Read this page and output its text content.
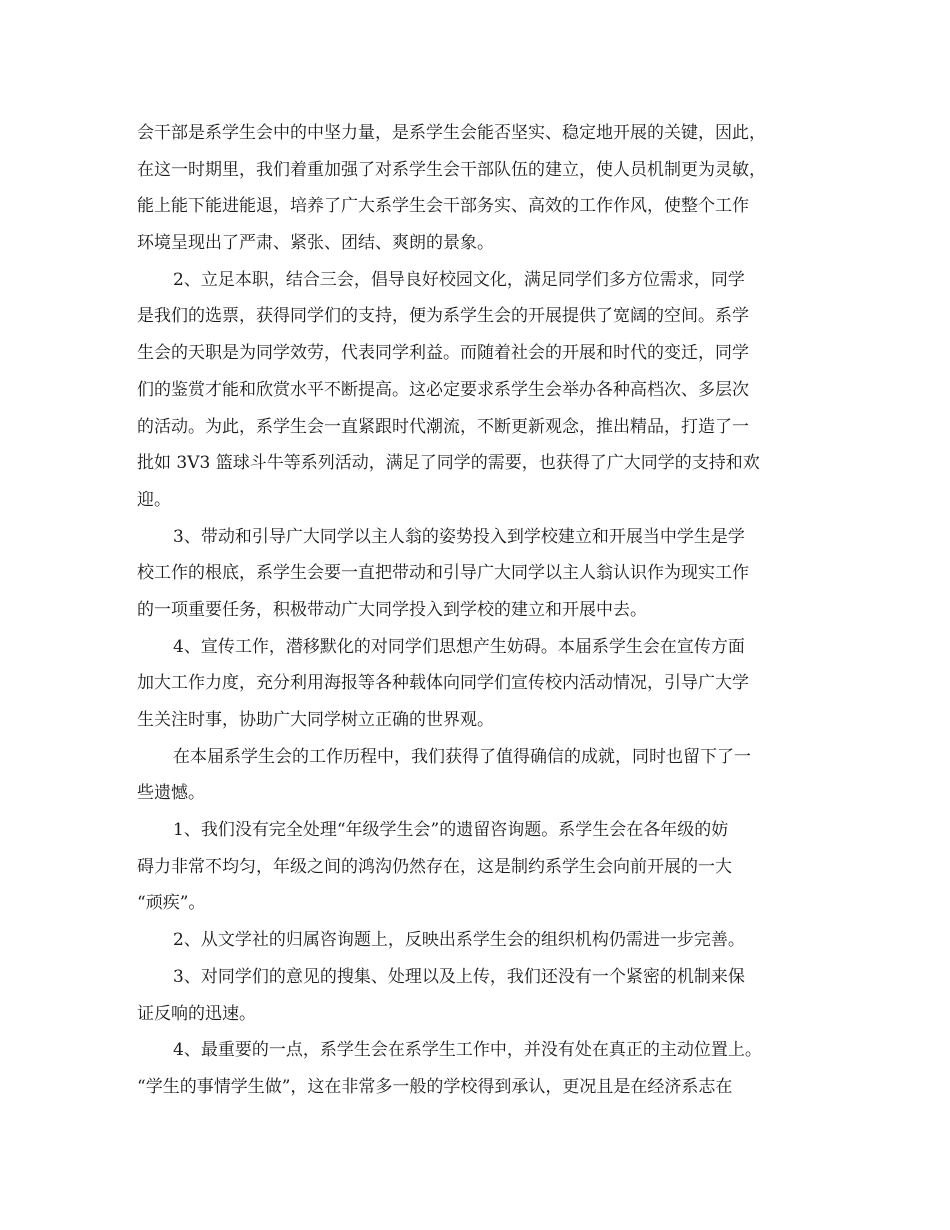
会干部是系学生会中的中坚力量，是系学生会能否坚实、稳定地开展的关键，因此，
在这一时期里，我们着重加强了对系学生会干部队伍的建立，使人员机制更为灵敏，
能上能下能进能退，培养了广大系学生会干部务实、高效的工作作风，使整个工作
环境呈现出了严肃、紧张、团结、爽朗的景象。
2、立足本职，结合三会，倡导良好校园文化，满足同学们多方位需求，同学
是我们的选票，获得同学们的支持，便为系学生会的开展提供了宽阔的空间。系学
生会的天职是为同学效劳，代表同学利益。而随着社会的开展和时代的变迁，同学
们的鉴赏才能和欣赏水平不断提高。这必定要求系学生会举办各种高档次、多层次
的活动。为此，系学生会一直紧跟时代潮流，不断更新观念，推出精品，打造了一
批如 3V3 篮球斗牛等系列活动，满足了同学的需要，也获得了广大同学的支持和欢
迎。
3、带动和引导广大同学以主人翁的姿势投入到学校建立和开展当中学生是学
校工作的根底，系学生会要一直把带动和引导广大同学以主人翁认识作为现实工作
的一项重要任务，积极带动广大同学投入到学校的建立和开展中去。
4、宣传工作，潜移默化的对同学们思想产生妨碍。本届系学生会在宣传方面
加大工作力度，充分利用海报等各种载体向同学们宣传校内活动情况，引导广大学
生关注时事，协助广大同学树立正确的世界观。
在本届系学生会的工作历程中，我们获得了值得确信的成就，同时也留下了一
些遗憾。
1、我们没有完全处理“年级学生会”的遗留咨询题。系学生会在各年级的妨
碍力非常不均匀，年级之间的鸿沟仍然存在，这是制约系学生会向前开展的一大
“顽疾”。
2、从文学社的归属咨询题上，反映出系学生会的组织机构仍需进一步完善。
3、对同学们的意见的搜集、处理以及上传，我们还没有一个紧密的机制来保
证反响的迅速。
4、最重要的一点，系学生会在系学生工作中，并没有处在真正的主动位置上。
“学生的事情学生做”，这在非常多一般的学校得到承认，更况且是在经济系志在
